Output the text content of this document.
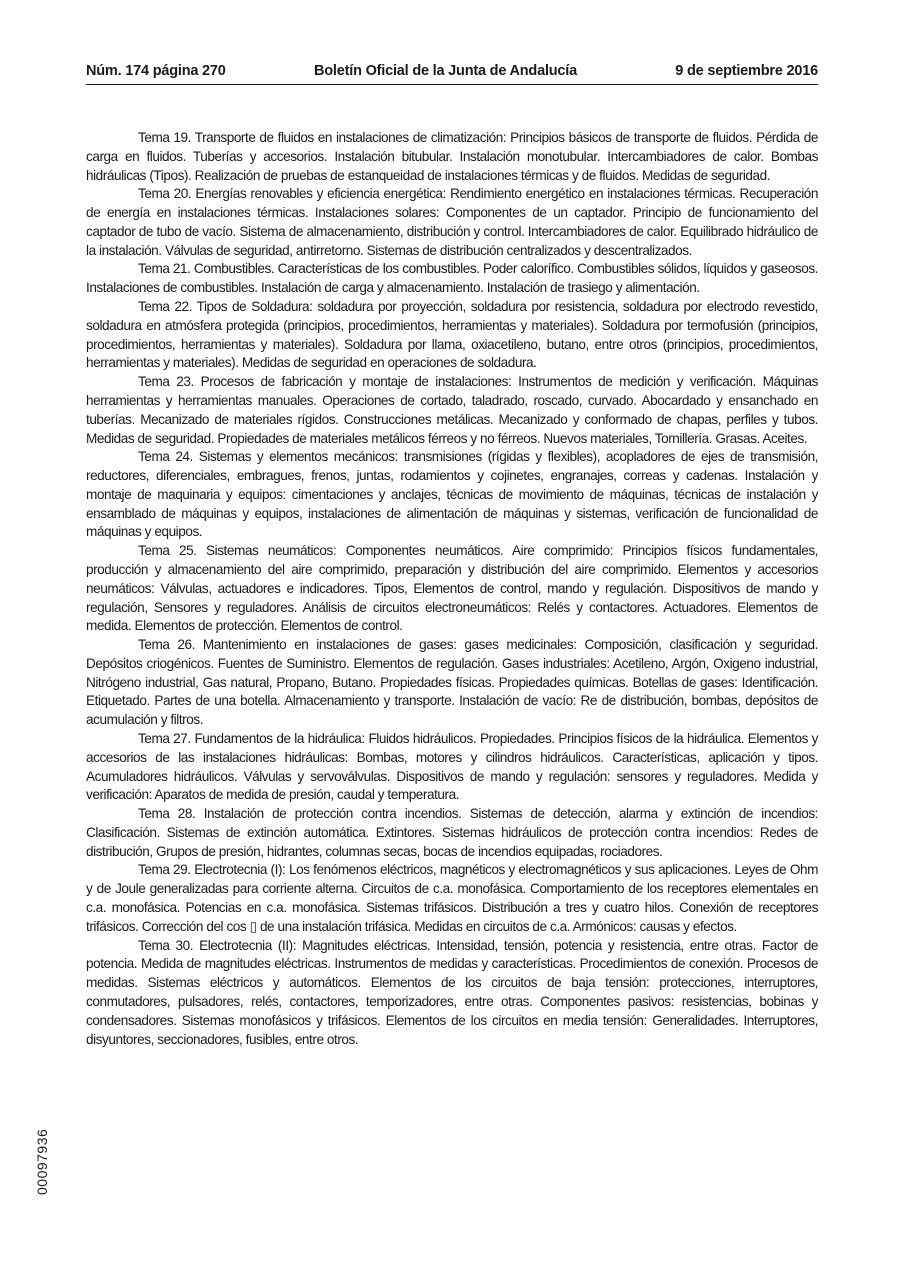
Núm. 174 página 270	Boletín Oficial de la Junta de Andalucía	9 de septiembre 2016

Tema 19. Transporte de fluidos en instalaciones de climatización: Principios básicos de transporte de fluidos. Pérdida de carga en fluidos. Tuberías y accesorios. Instalación bitubular. Instalación monotubular. Intercambiadores de calor. Bombas hidráulicas (Tipos). Realización de pruebas de estanqueidad de instalaciones térmicas y de fluidos. Medidas de seguridad.

Tema 20. Energías renovables y eficiencia energética: Rendimiento energético en instalaciones térmicas. Recuperación de energía en instalaciones térmicas. Instalaciones solares: Componentes de un captador. Principio de funcionamiento del captador de tubo de vacío. Sistema de almacenamiento, distribución y control. Intercambiadores de calor. Equilibrado hidráulico de la instalación. Válvulas de seguridad, antirretorno. Sistemas de distribución centralizados y descentralizados.

Tema 21. Combustibles. Características de los combustibles. Poder calorífico. Combustibles sólidos, líquidos y gaseosos. Instalaciones de combustibles. Instalación de carga y almacenamiento. Instalación de trasiego y alimentación.

Tema 22. Tipos de Soldadura: soldadura por proyección, soldadura por resistencia, soldadura por electrodo revestido, soldadura en atmósfera protegida (principios, procedimientos, herramientas y materiales). Soldadura por termofusión (principios, procedimientos, herramientas y materiales). Soldadura por llama, oxiacetileno, butano, entre otros (principios, procedimientos, herramientas y materiales). Medidas de seguridad en operaciones de soldadura.

Tema 23. Procesos de fabricación y montaje de instalaciones: Instrumentos de medición y verificación. Máquinas herramientas y herramientas manuales. Operaciones de cortado, taladrado, roscado, curvado. Abocardado y ensanchado en tuberías. Mecanizado de materiales rígidos. Construcciones metálicas. Mecanizado y conformado de chapas, perfiles y tubos. Medidas de seguridad. Propiedades de materiales metálicos férreos y no férreos. Nuevos materiales, Tornillería. Grasas. Aceites.

Tema 24. Sistemas y elementos mecánicos: transmisiones (rígidas y flexibles), acopladores de ejes de transmisión, reductores, diferenciales, embragues, frenos, juntas, rodamientos y cojinetes, engranajes, correas y cadenas. Instalación y montaje de maquinaria y equipos: cimentaciones y anclajes, técnicas de movimiento de máquinas, técnicas de instalación y ensamblado de máquinas y equipos, instalaciones de alimentación de máquinas y sistemas, verificación de funcionalidad de máquinas y equipos.

Tema 25. Sistemas neumáticos: Componentes neumáticos. Aire comprimido: Principios físicos fundamentales, producción y almacenamiento del aire comprimido, preparación y distribución del aire comprimido. Elementos y accesorios neumáticos: Válvulas, actuadores e indicadores. Tipos, Elementos de control, mando y regulación. Dispositivos de mando y regulación, Sensores y reguladores. Análisis de circuitos electroneumáticos: Relés y contactores. Actuadores. Elementos de medida. Elementos de protección. Elementos de control.

Tema 26. Mantenimiento en instalaciones de gases: gases medicinales: Composición, clasificación y seguridad. Depósitos criogénicos. Fuentes de Suministro. Elementos de regulación. Gases industriales: Acetileno, Argón, Oxigeno industrial, Nitrógeno industrial, Gas natural, Propano, Butano. Propiedades físicas. Propiedades químicas. Botellas de gases: Identificación. Etiquetado. Partes de una botella. Almacenamiento y transporte. Instalación de vacío: Re de distribución, bombas, depósitos de acumulación y filtros.

Tema 27. Fundamentos de la hidráulica: Fluidos hidráulicos. Propiedades. Principios físicos de la hidráulica. Elementos y accesorios de las instalaciones hidráulicas: Bombas, motores y cilindros hidráulicos. Características, aplicación y tipos. Acumuladores hidráulicos. Válvulas y servoválvulas. Dispositivos de mando y regulación: sensores y reguladores. Medida y verificación: Aparatos de medida de presión, caudal y temperatura.

Tema 28. Instalación de protección contra incendios. Sistemas de detección, alarma y extinción de incendios: Clasificación. Sistemas de extinción automática. Extintores. Sistemas hidráulicos de protección contra incendios: Redes de distribución, Grupos de presión, hidrantes, columnas secas, bocas de incendios equipadas, rociadores.

Tema 29. Electrotecnia (I): Los fenómenos eléctricos, magnéticos y electromagnéticos y sus aplicaciones. Leyes de Ohm y de Joule generalizadas para corriente alterna. Circuitos de c.a. monofásica. Comportamiento de los receptores elementales en c.a. monofásica. Potencias en c.a. monofásica. Sistemas trifásicos. Distribución a tres y cuatro hilos. Conexión de receptores trifásicos. Corrección del cos ▯ de una instalación trifásica. Medidas en circuitos de c.a. Armónicos: causas y efectos.

Tema 30. Electrotecnia (II): Magnitudes eléctricas. Intensidad, tensión, potencia y resistencia, entre otras. Factor de potencia. Medida de magnitudes eléctricas. Instrumentos de medidas y características. Procedimientos de conexión. Procesos de medidas. Sistemas eléctricos y automáticos. Elementos de los circuitos de baja tensión: protecciones, interruptores, conmutadores, pulsadores, relés, contactores, temporizadores, entre otras. Componentes pasivos: resistencias, bobinas y condensadores. Sistemas monofásicos y trifásicos. Elementos de los circuitos en media tensión: Generalidades. Interruptores, disyuntores, seccionadores, fusibles, entre otros.

00097936
